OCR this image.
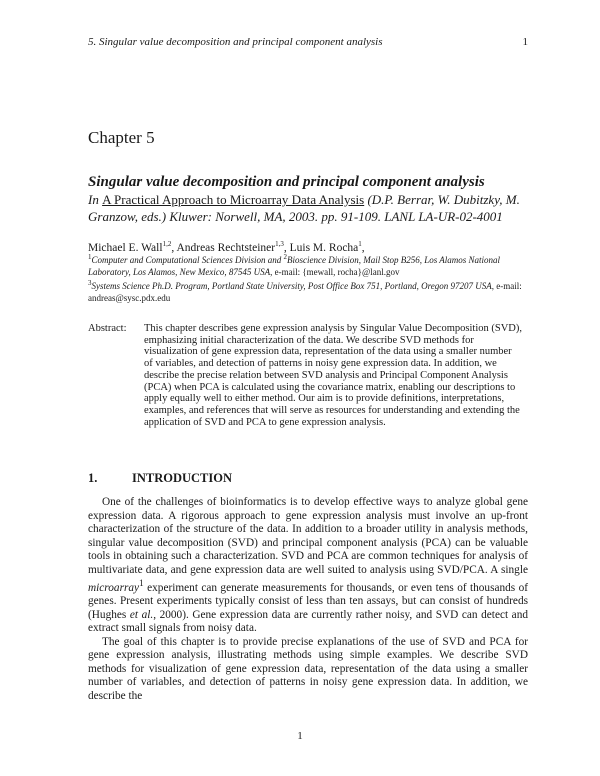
5. Singular value decomposition and principal component analysis	1
Chapter 5
Singular value decomposition and principal component analysis
In A Practical Approach to Microarray Data Analysis (D.P. Berrar, W. Dubitzky, M. Granzow, eds.) Kluwer: Norwell, MA, 2003. pp. 91-109. LANL LA-UR-02-4001
Michael E. Wall$^{1,2}$, Andreas Rechtsteiner$^{1,3}$, Luis M. Rocha$^1$,
$^1$Computer and Computational Sciences Division and $^2$Bioscience Division, Mail Stop B256, Los Alamos National Laboratory, Los Alamos, New Mexico, 87545 USA, e-mail: {mewall, rocha}@lanl.gov
$^3$Systems Science Ph.D. Program, Portland State University, Post Office Box 751, Portland, Oregon 97207 USA, e-mail: andreas@sysc.pdx.edu
Abstract: This chapter describes gene expression analysis by Singular Value Decomposition (SVD), emphasizing initial characterization of the data. We describe SVD methods for visualization of gene expression data, representation of the data using a smaller number of variables, and detection of patterns in noisy gene expression data. In addition, we describe the precise relation between SVD analysis and Principal Component Analysis (PCA) when PCA is calculated using the covariance matrix, enabling our descriptions to apply equally well to either method. Our aim is to provide definitions, interpretations, examples, and references that will serve as resources for understanding and extending the application of SVD and PCA to gene expression analysis.
1.	INTRODUCTION

One of the challenges of bioinformatics is to develop effective ways to analyze global gene expression data. A rigorous approach to gene expression analysis must involve an up-front characterization of the structure of the data. In addition to a broader utility in analysis methods, singular value decomposition (SVD) and principal component analysis (PCA) can be valuable tools in obtaining such a characterization. SVD and PCA are common techniques for analysis of multivariate data, and gene expression data are well suited to analysis using SVD/PCA. A single microarray$^1$ experiment can generate measurements for thousands, or even tens of thousands of genes. Present experiments typically consist of less than ten assays, but can consist of hundreds (Hughes et al., 2000). Gene expression data are currently rather noisy, and SVD can detect and extract small signals from noisy data.

The goal of this chapter is to provide precise explanations of the use of SVD and PCA for gene expression analysis, illustrating methods using simple examples. We describe SVD methods for visualization of gene expression data, representation of the data using a smaller number of variables, and detection of patterns in noisy gene expression data. In addition, we describe the

1
